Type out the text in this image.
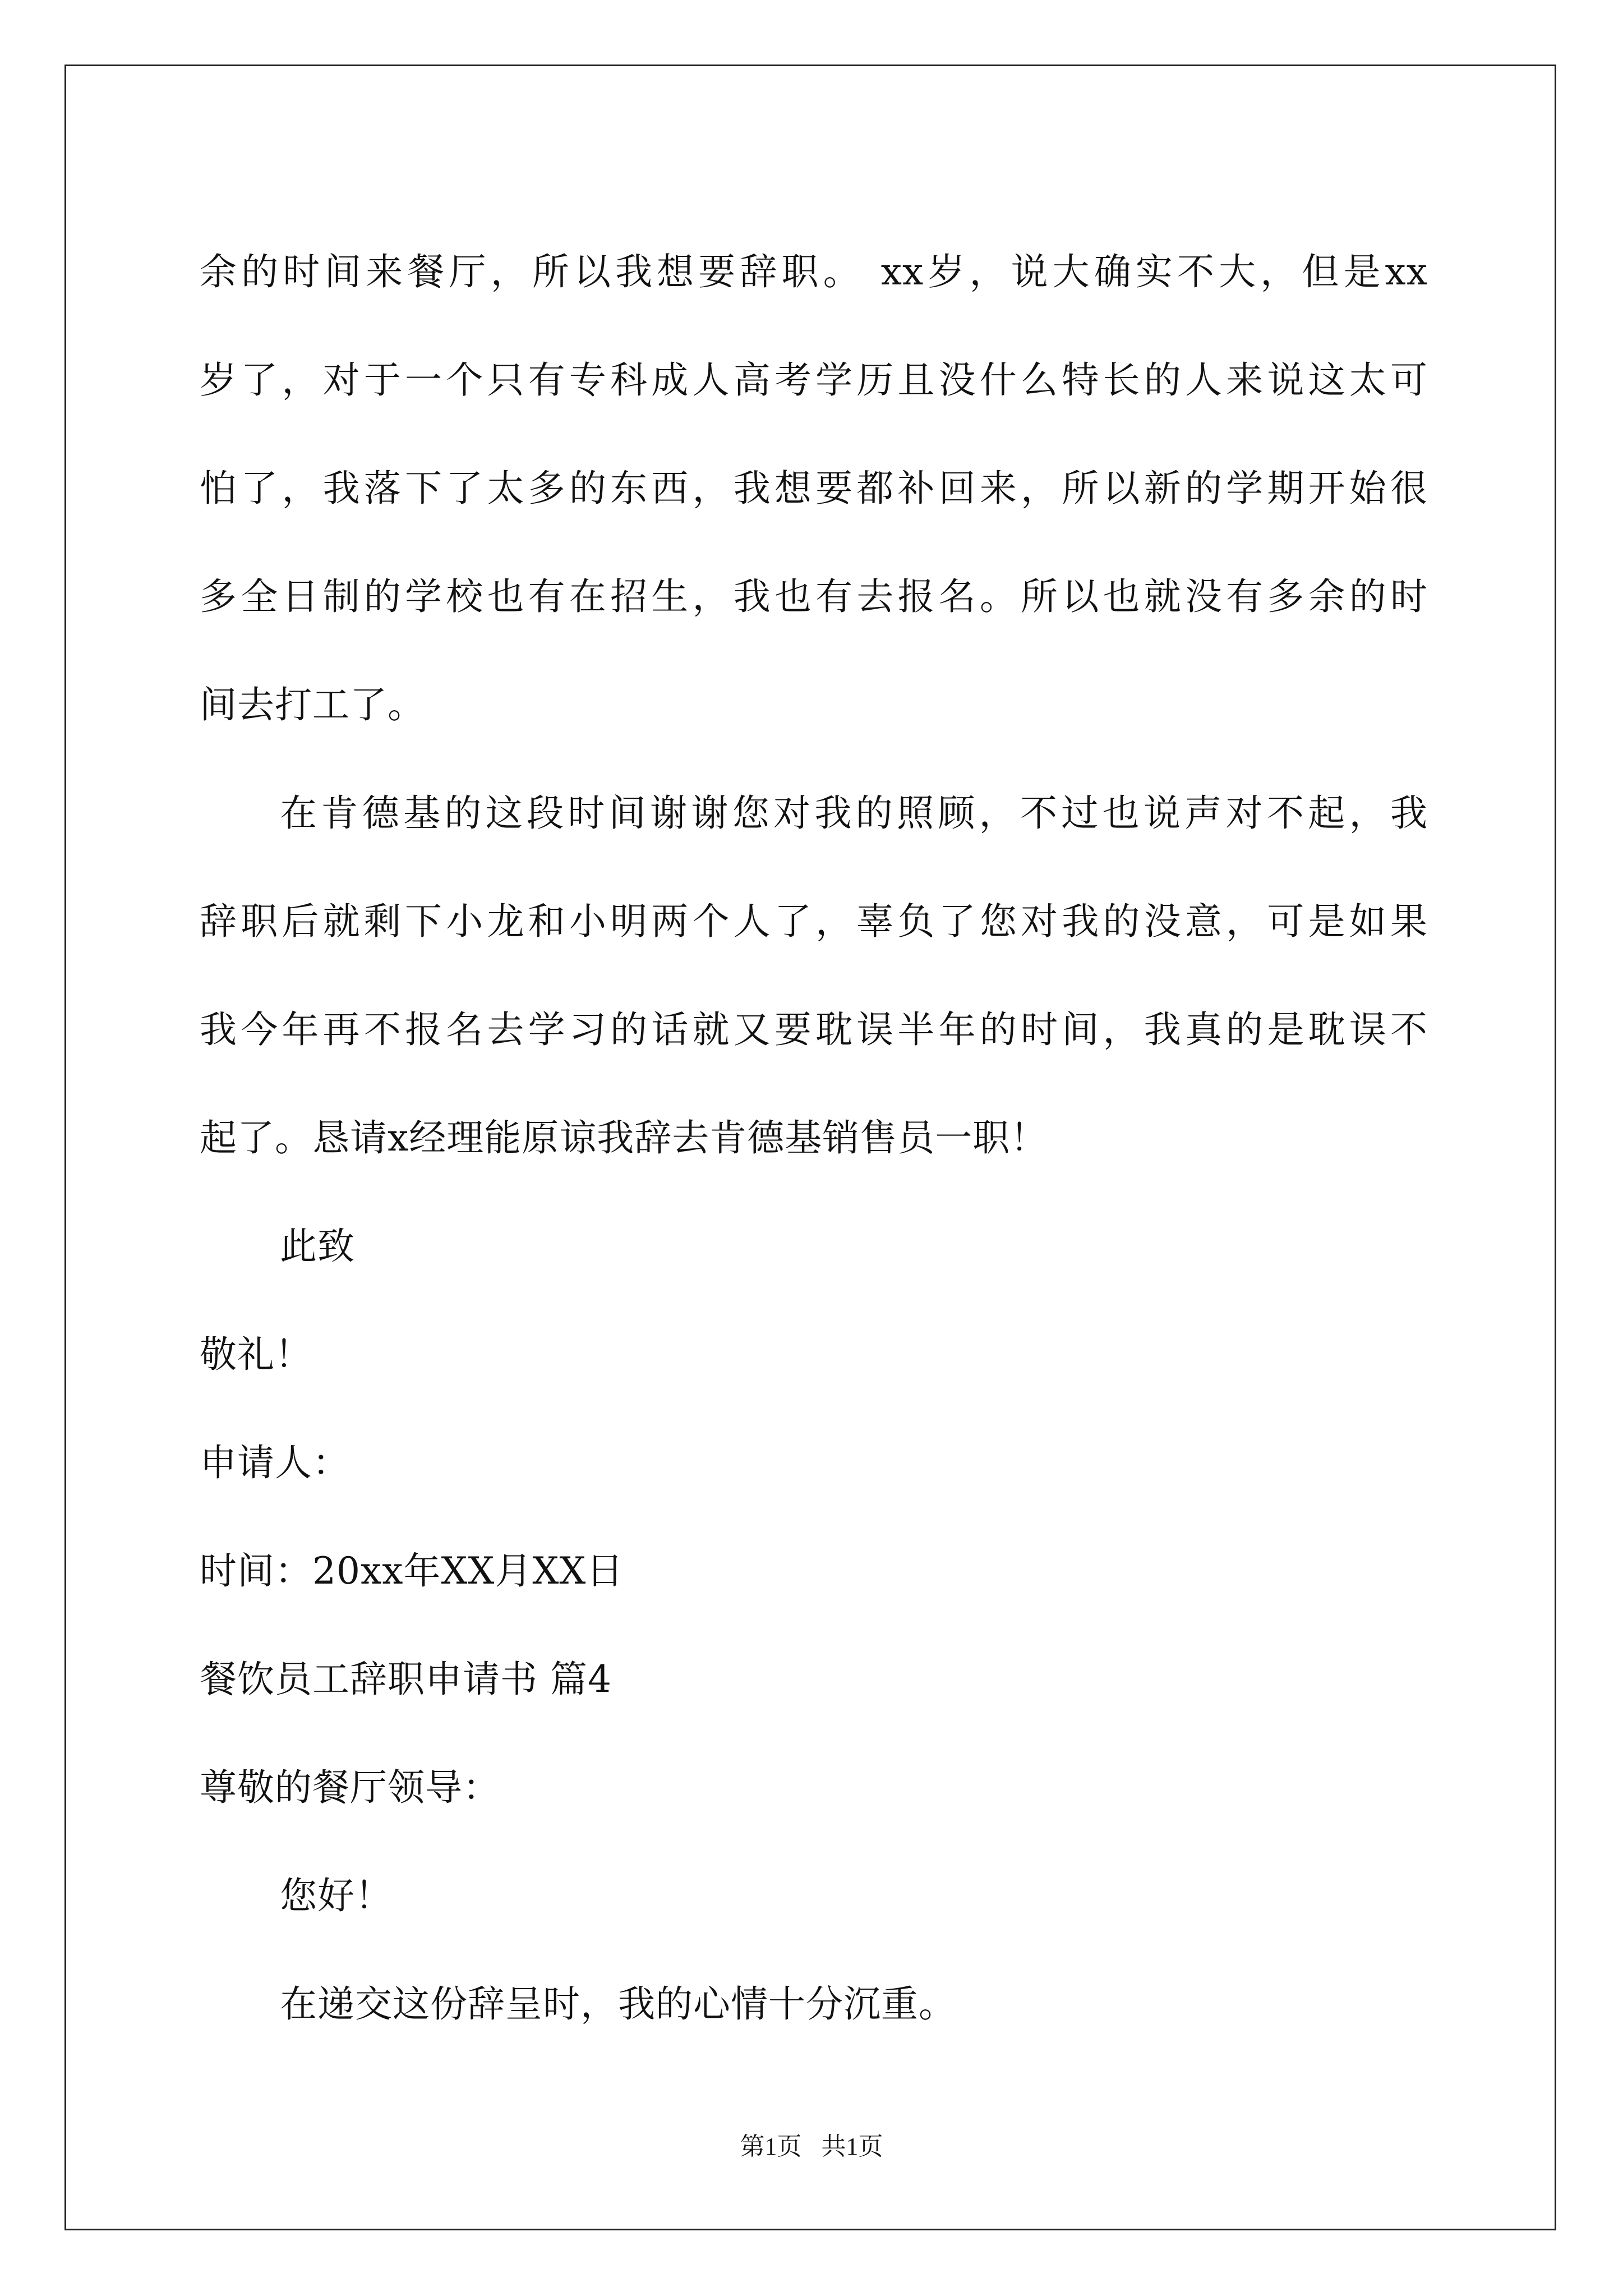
余的时间来餐厅，所以我想要辞职。 xx岁，说大确实不大，但是xx
岁了，对于一个只有专科成人高考学历且没什么特长的人来说这太可
怕了，我落下了太多的东西，我想要都补回来，所以新的学期开始很
多全日制的学校也有在招生，我也有去报名。所以也就没有多余的时
间去打工了。
在肯德基的这段时间谢谢您对我的照顾，不过也说声对不起，我
辞职后就剩下小龙和小明两个人了，辜负了您对我的没意，可是如果
我今年再不报名去学习的话就又要耽误半年的时间，我真的是耽误不
起了。恳请x经理能原谅我辞去肯德基销售员一职！
此致
敬礼！
申请人：
时间：20xx年XX月XX日
餐饮员工辞职申请书 篇4
尊敬的餐厅领导：
您好！
在递交这份辞呈时，我的心情十分沉重。
第1页 共1页
